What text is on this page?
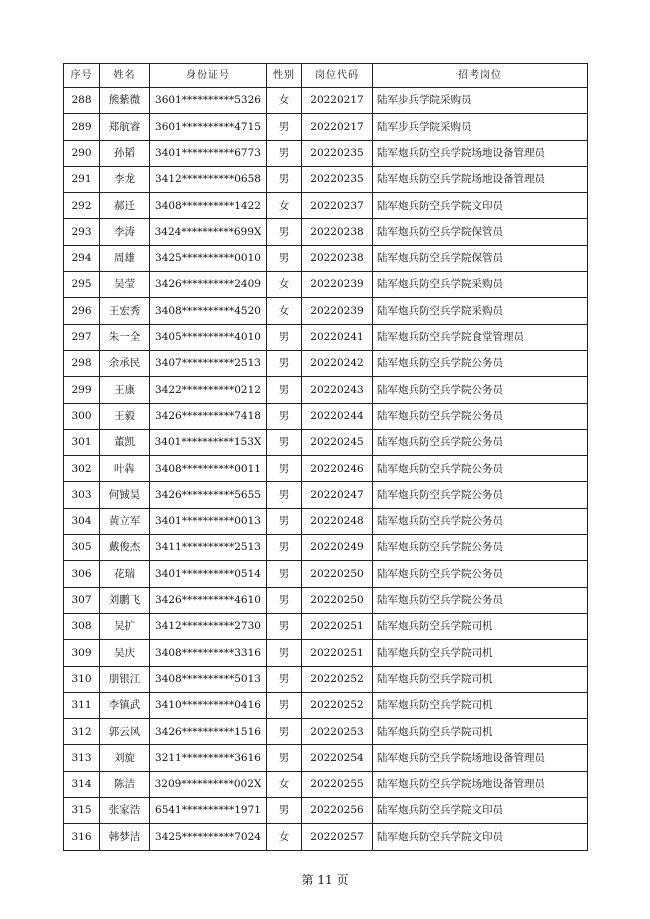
序号	姓名	身份证号	性别	岗位代码	招考岗位
288	熊紫微	3601**********5326	女	20220217	陆军步兵学院采购员
289	郑航睿	3601**********4715	男	20220217	陆军步兵学院采购员
290	孙韬	3401**********6773	男	20220235	陆军炮兵防空兵学院场地设备管理员
291	李龙	3412**********0658	男	20220235	陆军炮兵防空兵学院场地设备管理员
292	郝迁	3408**********1422	女	20220237	陆军炮兵防空兵学院文印员
293	李涛	3424**********699X	男	20220238	陆军炮兵防空兵学院保管员
294	周雄	3425**********0010	男	20220238	陆军炮兵防空兵学院保管员
295	吴莹	3426**********2409	女	20220239	陆军炮兵防空兵学院采购员
296	王宏秀	3408**********4520	女	20220239	陆军炮兵防空兵学院采购员
297	朱一全	3405**********4010	男	20220241	陆军炮兵防空兵学院食堂管理员
298	余承民	3407**********2513	男	20220242	陆军炮兵防空兵学院公务员
299	王康	3422**********0212	男	20220243	陆军炮兵防空兵学院公务员
300	王毅	3426**********7418	男	20220244	陆军炮兵防空兵学院公务员
301	董凯	3401**********153X	男	20220245	陆军炮兵防空兵学院公务员
302	叶犇	3408**********0011	男	20220246	陆军炮兵防空兵学院公务员
303	何铖昊	3426**********5655	男	20220247	陆军炮兵防空兵学院公务员
304	黄立军	3401**********0013	男	20220248	陆军炮兵防空兵学院公务员
305	戴俊杰	3411**********2513	男	20220249	陆军炮兵防空兵学院公务员
306	花瑞	3401**********0514	男	20220250	陆军炮兵防空兵学院公务员
307	刘鹏飞	3426**********4610	男	20220250	陆军炮兵防空兵学院公务员
308	吴扩	3412**********2730	男	20220251	陆军炮兵防空兵学院司机
309	吴庆	3408**********3316	男	20220251	陆军炮兵防空兵学院司机
310	朋银江	3408**********5013	男	20220252	陆军炮兵防空兵学院司机
311	李镇武	3410**********0416	男	20220252	陆军炮兵防空兵学院司机
312	郭云风	3426**********1516	男	20220253	陆军炮兵防空兵学院司机
313	刘旋	3211**********3616	男	20220254	陆军炮兵防空兵学院场地设备管理员
314	陈洁	3209**********002X	女	20220255	陆军炮兵防空兵学院场地设备管理员
315	张家浩	6541**********1971	男	20220256	陆军炮兵防空兵学院文印员
316	韩梦洁	3425**********7024	女	20220257	陆军炮兵防空兵学院文印员
第 11 页
